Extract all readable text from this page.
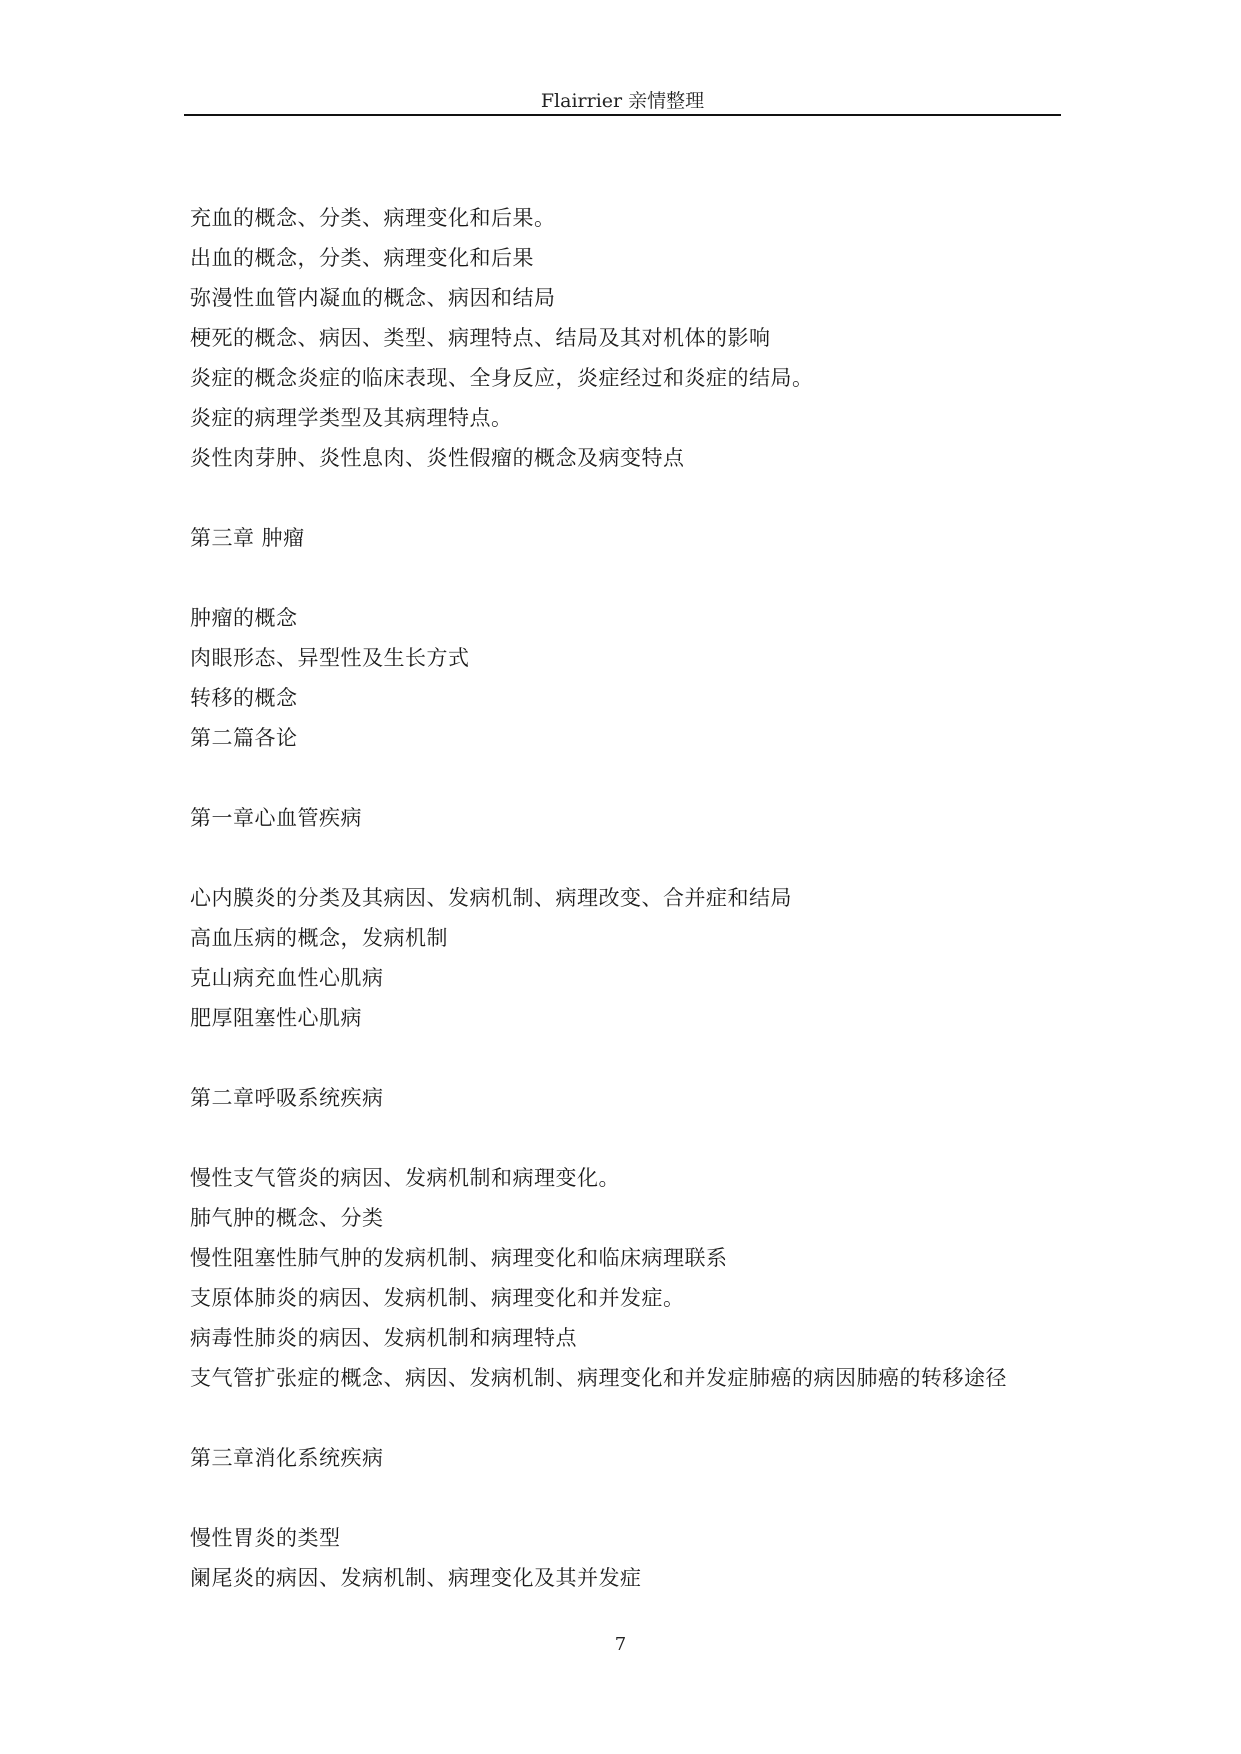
Flairrier 亲情整理
充血的概念、分类、病理变化和后果。
出血的概念，分类、病理变化和后果
弥漫性血管内凝血的概念、病因和结局
梗死的概念、病因、类型、病理特点、结局及其对机体的影响
炎症的概念炎症的临床表现、全身反应，炎症经过和炎症的结局。
炎症的病理学类型及其病理特点。
炎性肉芽肿、炎性息肉、炎性假瘤的概念及病变特点
第三章 肿瘤
肿瘤的概念
肉眼形态、异型性及生长方式
转移的概念
第二篇各论
第一章心血管疾病
心内膜炎的分类及其病因、发病机制、病理改变、合并症和结局
高血压病的概念，发病机制
克山病充血性心肌病
肥厚阻塞性心肌病
第二章呼吸系统疾病
慢性支气管炎的病因、发病机制和病理变化。
肺气肿的概念、分类
慢性阻塞性肺气肿的发病机制、病理变化和临床病理联系
支原体肺炎的病因、发病机制、病理变化和并发症。
病毒性肺炎的病因、发病机制和病理特点
支气管扩张症的概念、病因、发病机制、病理变化和并发症肺癌的病因肺癌的转移途径
第三章消化系统疾病
慢性胃炎的类型
阑尾炎的病因、发病机制、病理变化及其并发症
7
